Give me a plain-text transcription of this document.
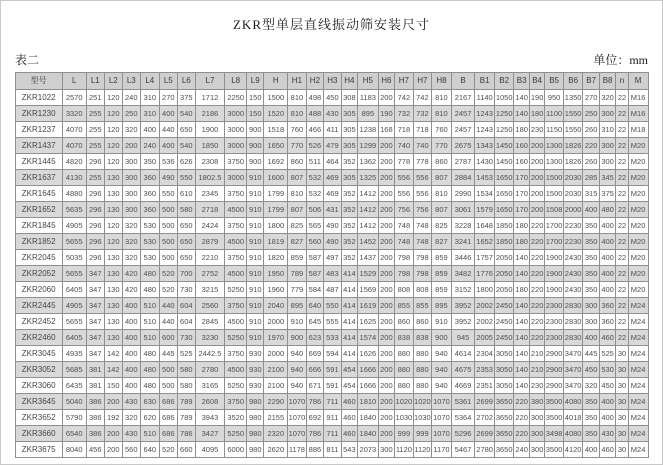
ZKR型单层直线振动筛安装尺寸
表二	单位：mm
型号	L	L1	L2	L3	L4	L5	L6	L7	L8	L9	H	H1	H2	H3	H4	H5	H6	H7	H7	H8	B	B1	B2	B3	B4	B5	B6	B7	B8	n	M
ZKR1022	2570	251	120	240	310	270	375	1712	2250	150	1500	810	498	450	308	1183	200	742	742	810	2167	1140	1050	140	190	950	1350	270	320	22	M16
ZKR1230	3320	255	120	250	310	400	540	2186	3000	150	1520	810	488	430	305	895	190	732	732	810	2457	1243	1250	140	180	1100	1550	250	300	22	M16
ZKR1237	4070	255	120	320	400	440	650	1900	3000	900	1518	760	466	411	305	1238	168	718	718	760	2457	1243	1250	180	230	1150	1550	260	310	22	M18
ZKR1437	4070	255	120	200	240	400	540	1850	3000	900	1650	770	526	479	305	1299	200	740	740	770	2675	1343	1450	160	200	1300	1826	220	300	22	M20
ZKR1445	4820	296	120	300	350	536	626	2308	3750	900	1692	860	511	464	352	1362	200	778	778	860	2787	1430	1450	160	200	1300	1826	260	300	22	M20
ZKR1637	4130	255	130	300	360	490	550	1802.5	3000	910	1600	807	532	469	305	1325	200	556	556	807	2884	1453	1650	170	200	1500	2030	285	345	22	M20
ZKR1645	4880	296	130	300	360	550	610	2345	3750	910	1799	810	532	469	352	1412	200	556	556	810	2990	1534	1650	170	200	1500	2030	315	375	22	M20
ZKR1652	5635	296	130	300	360	500	580	2718	4500	910	1799	807	506	431	352	1412	200	756	756	807	3061	1579	1650	170	200	1508	2000	400	480	22	M20
ZKR1845	4905	296	120	320	530	500	650	2424	3750	910	1800	825	565	490	352	1412	200	748	748	825	3228	1648	1850	180	220	1700	2230	350	400	22	M20
ZKR1852	5655	296	120	320	530	500	650	2879	4500	910	1819	827	560	490	352	1452	200	748	748	827	3241	1652	1850	180	220	1700	2230	350	400	22	M20
ZKR2045	5035	296	130	320	530	500	650	2210	3750	910	1820	859	587	497	352	1437	200	798	798	859	3446	1757	2050	140	220	1900	2430	350	400	22	M20
ZKR2052	5655	347	130	420	480	520	700	2752	4500	910	1950	789	587	483	414	1529	200	798	798	859	3482	1776	2050	140	220	1900	2430	350	400	22	M20
ZKR2060	6405	347	130	420	480	520	730	3215	5250	910	1960	779	584	487	414	1569	200	808	808	859	3152	1800	2050	180	220	1900	2430	350	400	22	M20
ZKR2445	4905	347	130	400	510	440	604	2560	3750	910	2040	895	640	550	414	1619	200	855	855	895	3952	2002	2450	140	220	2300	2830	300	360	22	M24
ZKR2452	5655	347	130	400	510	440	604	2845	4500	910	2000	910	645	555	414	1625	200	860	860	910	3952	2002	2450	140	220	2300	2830	300	360	22	M24
ZKR2460	6405	347	130	400	510	600	730	3230	5250	910	1970	900	623	533	414	1574	200	838	838	900	945	2005	2450	140	220	2300	2830	400	460	22	M24
ZKR3045	4935	347	142	400	480	445	525	2442.5	3750	930	2000	940	669	594	414	1626	200	880	880	940	4614	2304	3050	140	210	2900	3470	445	525	30	M24
ZKR3052	5685	381	142	400	480	500	580	2780	4500	930	2100	940	666	591	454	1666	200	880	880	940	4675	2353	3050	140	210	2900	3470	450	530	30	M24
ZKR3060	6435	381	150	400	480	500	580	3165	5250	930	2100	940	671	591	454	1666	200	880	880	940	4669	2351	3050	140	230	2900	3470	320	450	30	M24
ZKR3645	5040	386	200	430	630	686	789	2608	3750	980	2290	1070	786	711	460	1810	200	1020	1020	1070	5361	2699	3650	220	380	3500	4080	350	400	30	M24
ZKR3652	5790	386	192	320	620	686	789	3943	3520	980	2155	1070	692	911	460	1840	200	1030	1030	1070	5364	2702	3650	220	300	3500	4018	350	400	30	M24
ZKR3660	6540	386	200	430	510	686	786	3427	5250	980	2320	1070	786	711	460	1840	200	999	999	1070	5296	2699	3650	220	300	3498	4080	350	430	30	M24
ZKR3675	8040	456	200	560	640	520	660	4095	6000	980	2620	1178	886	811	543	2073	300	1120	1120	1170	5467	2780	3650	240	300	3500	4120	400	460	30	M24
